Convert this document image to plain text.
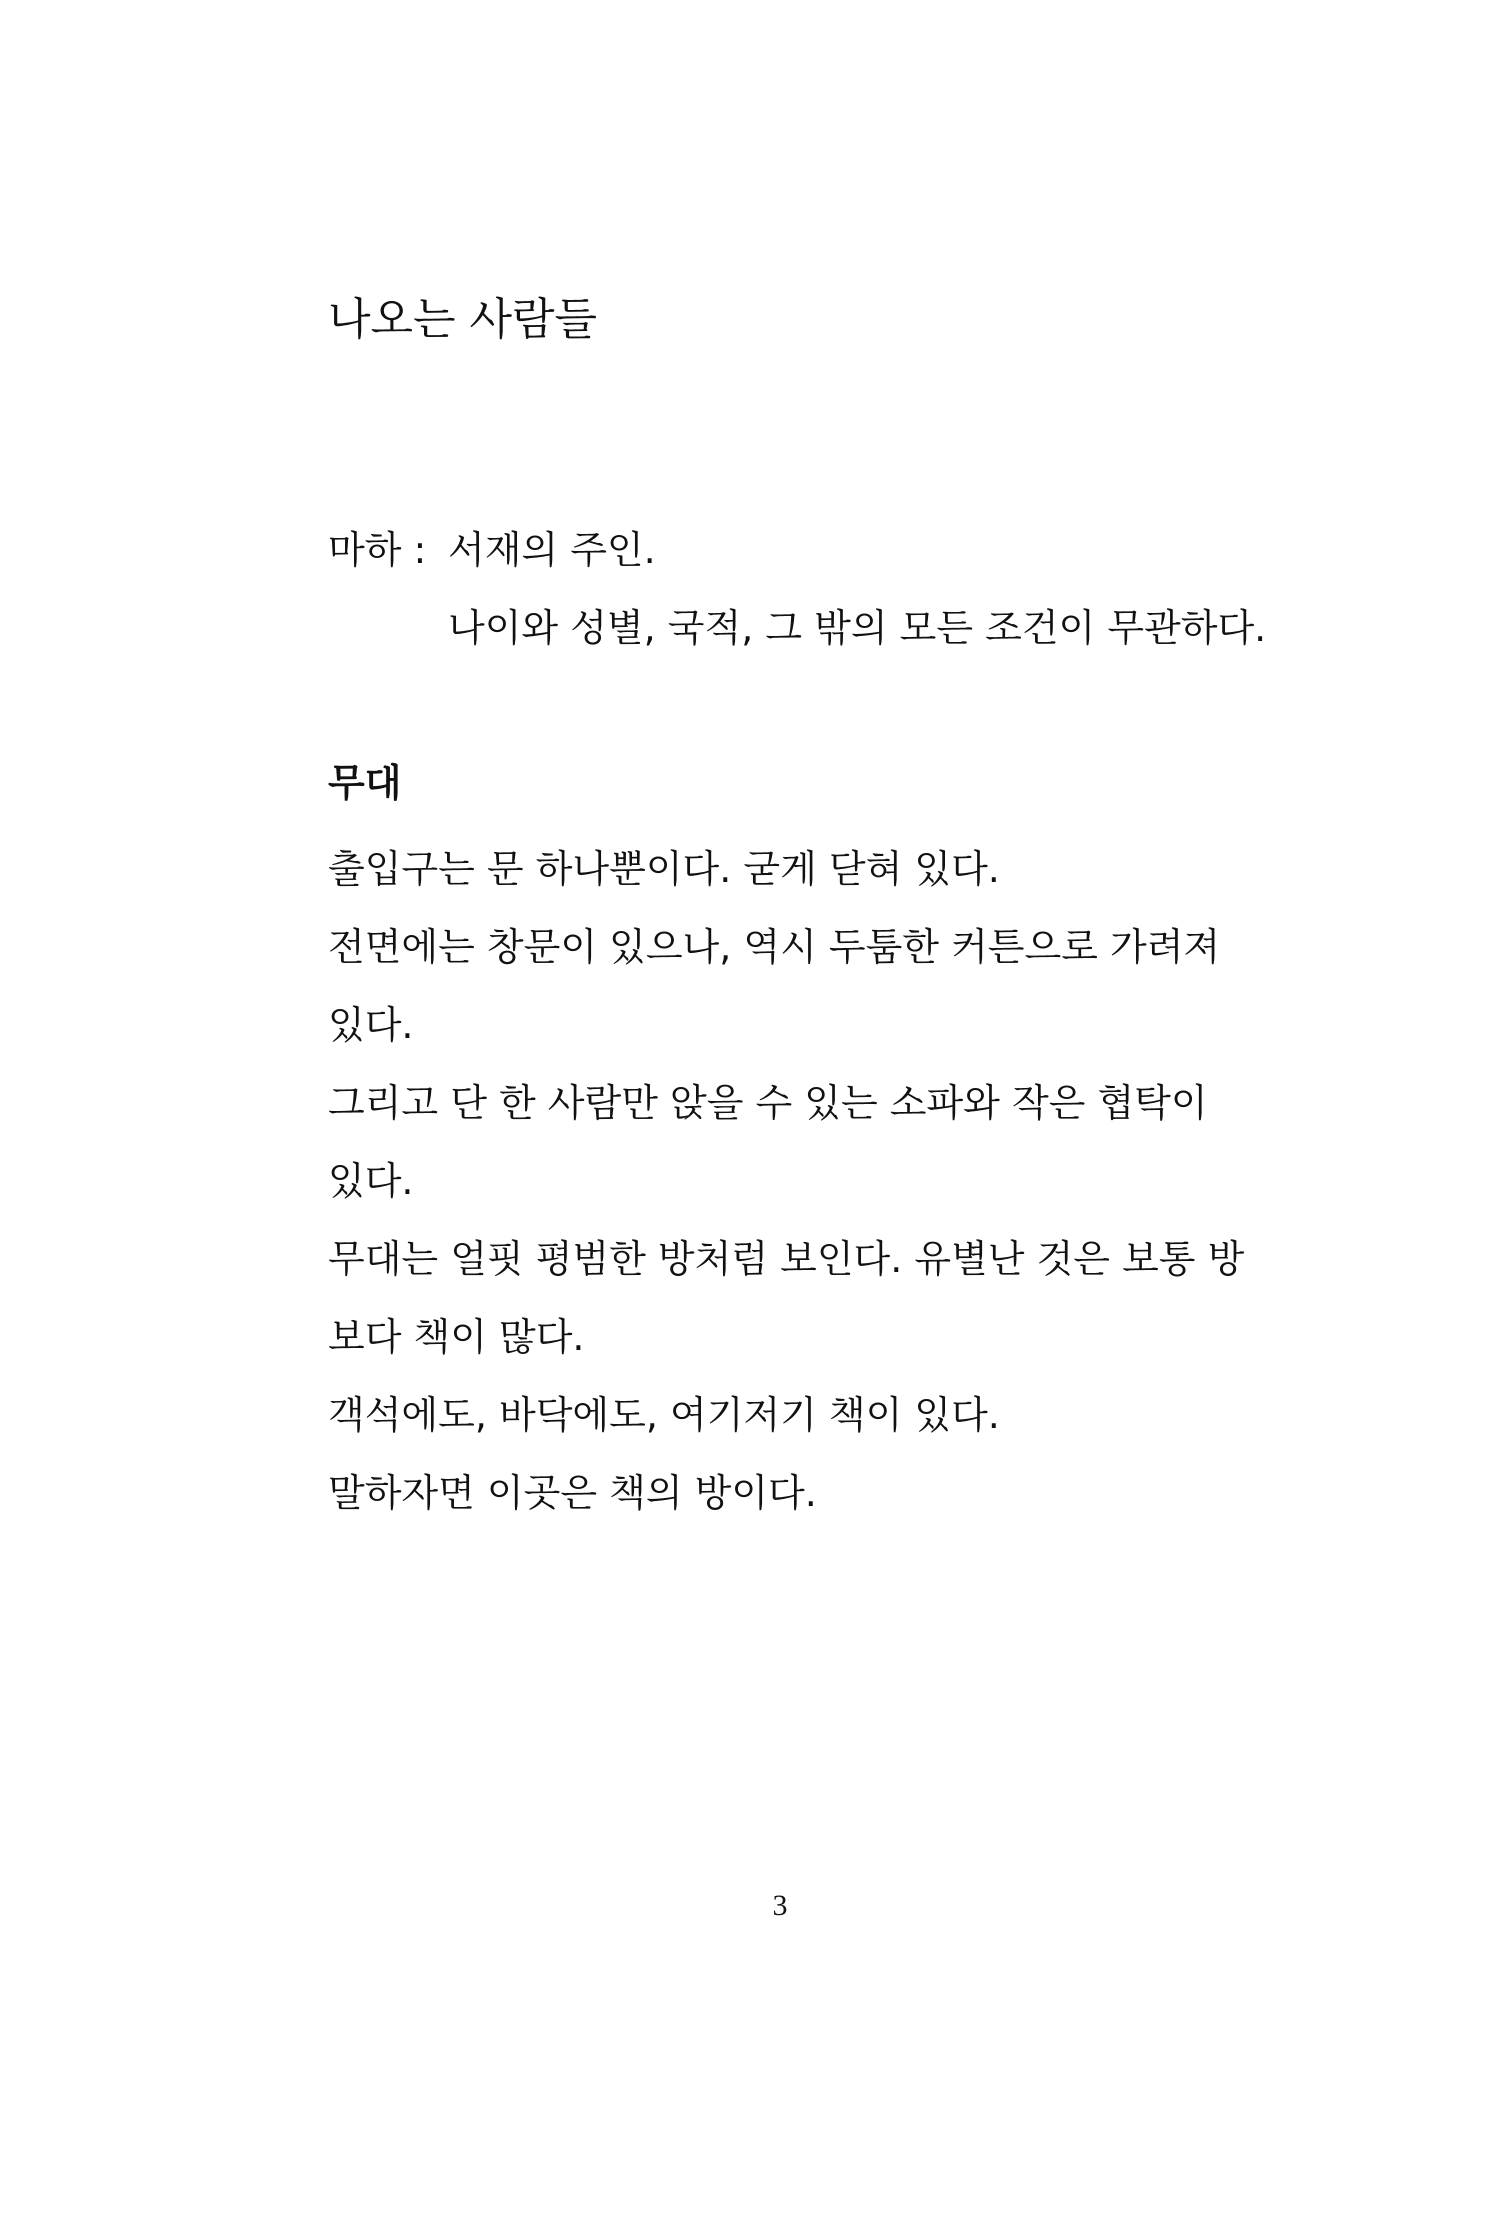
나오는 사람들
마하 : 서재의 주인.
나이와 성별, 국적, 그 밖의 모든 조건이 무관하다.
무대
출입구는 문 하나뿐이다. 굳게 닫혀 있다.
전면에는 창문이 있으나, 역시 두툼한 커튼으로 가려져
있다.
그리고 단 한 사람만 앉을 수 있는 소파와 작은 협탁이
있다.
무대는 얼핏 평범한 방처럼 보인다. 유별난 것은 보통 방
보다 책이 많다.
객석에도, 바닥에도, 여기저기 책이 있다.
말하자면 이곳은 책의 방이다.
3
